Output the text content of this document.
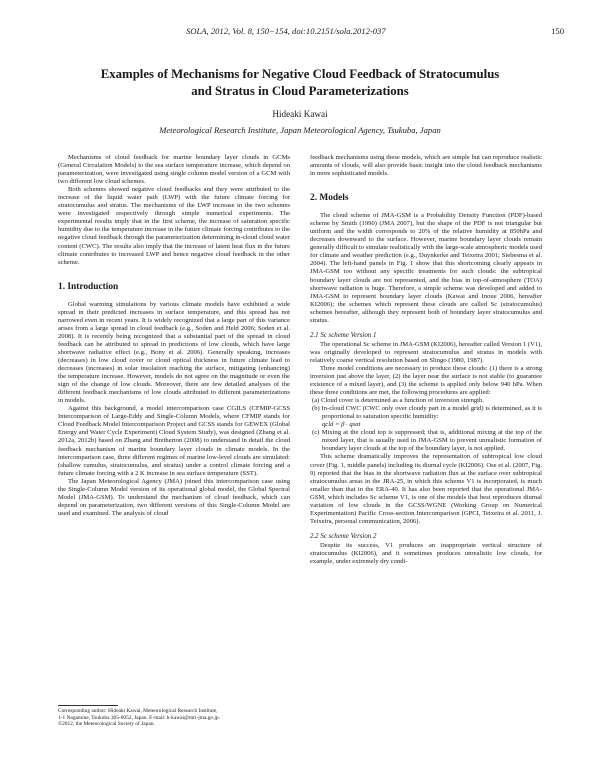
SOLA, 2012, Vol. 8, 150−154, doi:10.2151/sola.2012-037	150
Examples of Mechanisms for Negative Cloud Feedback of Stratocumulus
and Stratus in Cloud Parameterizations
Hideaki Kawai
Meteorological Research Institute, Japan Meteorological Agency, Tsukuba, Japan

Mechanisms of cloud feedback for marine boundary layer clouds in GCMs (General Circulation Models) to the sea surface temperature increase, which depend on parameterization, were investigated using single column model version of a GCM with two different low cloud schemes.

Both schemes showed negative cloud feedbacks and they were attributed to the increase of the liquid water path (LWP) with the future climate forcing for stratocumulus and stratus. The mechanisms of the LWP increase in the two schemes were investigated respectively through simple numerical experiments. The experimental results imply that in the first scheme, the increase of saturation specific humidity due to the temperature increase in the future climate forcing contributes to the negative cloud feedback through the parameterization determining in-cloud cloud water content (CWC). The results also imply that the increase of latent heat flux in the future climate contributes to increased LWP and hence negative cloud feedback in the other scheme.

1. Introduction

Global warming simulations by various climate models have exhibited a wide spread in their predicted increases in surface temperature, and this spread has not narrowed even in recent years. It is widely recognized that a large part of this variance arises from a large spread in cloud feedback (e.g., Soden and Held 2006; Soden et al. 2008). It is recently being recognized that a substantial part of the spread in cloud feedback can be attributed to spread in predictions of low clouds, which have large shortwave radiative effect (e.g., Bony et al. 2006). Generally speaking, increases (decreases) in low cloud cover or cloud optical thickness in future climate lead to decreases (increases) in solar insolation reaching the surface, mitigating (enhancing) the temperature increase. However, models do not agree on the magnitude or even the sign of the change of low clouds. Moreover, there are few detailed analyses of the different feedback mechanisms of low clouds attributed to different parameterizations in models.

Against this background, a model intercomparison case CGILS (CFMIP-GCSS Intercomparison of Large-Eddy and Single-Column Models, where CFMIP stands for Cloud Feedback Model Intercomparison Project and GCSS stands for GEWEX (Global Energy and Water Cycle Experiment) Cloud System Study), was designed (Zhang et al. 2012a, 2012b) based on Zhang and Bretherton (2008) to understand in detail the cloud feedback mechanism of marine boundary layer clouds in climate models. In the intercomparison case, three different regimes of marine low-level clouds are simulated: (shallow cumulus, stratocumulus, and stratus) under a control climate forcing and a future climate forcing with a 2 K increase in sea surface temperature (SST).

The Japan Meteorological Agency (JMA) joined this intercomparison case using the Single-Column Model version of its operational global model, the Global Spectral Model (JMA-GSM). To understand the mechanism of cloud feedback, which can depend on parameterization, two different versions of this Single-Column Model are used and examined. The analysis of cloud

feedback mechanisms using these models, which are simple but can reproduce realistic amounts of clouds, will also provide basic insight into the cloud feedback mechanisms in more sophisticated models.

2. Models

The cloud scheme of JMA-GSM is a Probability Density Function (PDF)-based scheme by Smith (1990) (JMA 2007), but the shape of the PDF is not triangular but uniform and the width corresponds to 20% of the relative humidity at 850hPa and decreases downward to the surface. However, marine boundary layer clouds remain generally difficult to simulate realistically with the large-scale atmospheric models used for climate and weather prediction (e.g., Duynkerke and Teixeira 2001; Siebesma et al. 2004). The left-hand panels in Fig. 1 show that this shortcoming clearly appears in JMA-GSM too without any specific treatments for such clouds: the subtropical boundary layer clouds are not represented, and the bias in top-of-atmosphere (TOA) shortwave radiation is huge. Therefore, a simple scheme was developed and added to JMA-GSM to represent boundary layer clouds (Kawai and Inoue 2006, hereafter KI2006); the schemes which represent these clouds are called Sc (stratocumulus) schemes hereafter, although they represent both of boundary layer stratocumulus and stratus.

2.1 Sc scheme Version 1

The operational Sc scheme in JMA-GSM (KI2006), hereafter called Version 1 (V1), was originally developed to represent stratocumulus and stratus in models with relatively coarse vertical resolution based on Slingo (1980, 1987).

Three model conditions are necessary to produce these clouds: (1) there is a strong inversion just above the layer, (2) the layer near the surface is not stable (to guarantee existence of a mixed layer), and (3) the scheme is applied only below 940 hPa. When these three conditions are met, the following procedures are applied:

(a) Cloud cover is determined as a function of inversion strength.
(b) In-cloud CWC (CWC only over cloudy part in a model grid) is determined, as it is proportional to saturation specific humidity:
qcld = β · qsat
(c) Mixing at the cloud top is suppressed; that is, additional mixing at the top of the mixed layer, that is usually used in JMA-GSM to prevent unrealistic formation of boundary layer clouds at the top of the boundary layer, is not applied.

This scheme dramatically improves the representation of subtropical low cloud cover (Fig. 1, middle panels) including its diurnal cycle (KI2006). Ose et al. (2007, Fig. 9) reported that the bias in the shortwave radiation flux at the surface over subtropical stratocumulus areas in the JRA-25, in which this scheme V1 is incorporated, is much smaller than that in the ERA-40. It has also been reported that the operational JMA-GSM, which includes Sc scheme V1, is one of the models that best reproduces diurnal variation of low clouds in the GCSS/WGNE (Working Group on Numerical Experimentation) Pacific Cross-section Intercomparison (GPCI, Teixeira et al. 2011, J. Teixeira, personal communication, 2006).

2.2 Sc scheme Version 2

Despite its success, V1 produces an inappropriate vertical structure of stratocumulus (KI2006), and it sometimes produces unrealistic low clouds, for example, under extremely dry condi-

Corresponding author: Hideaki Kawai, Meteorological Research Institute,
1-1 Nagamine, Tsukuba 305-0052, Japan. E-mail: h-kawai@mri-jma.go.jp.
©2012, the Meteorological Society of Japan.
